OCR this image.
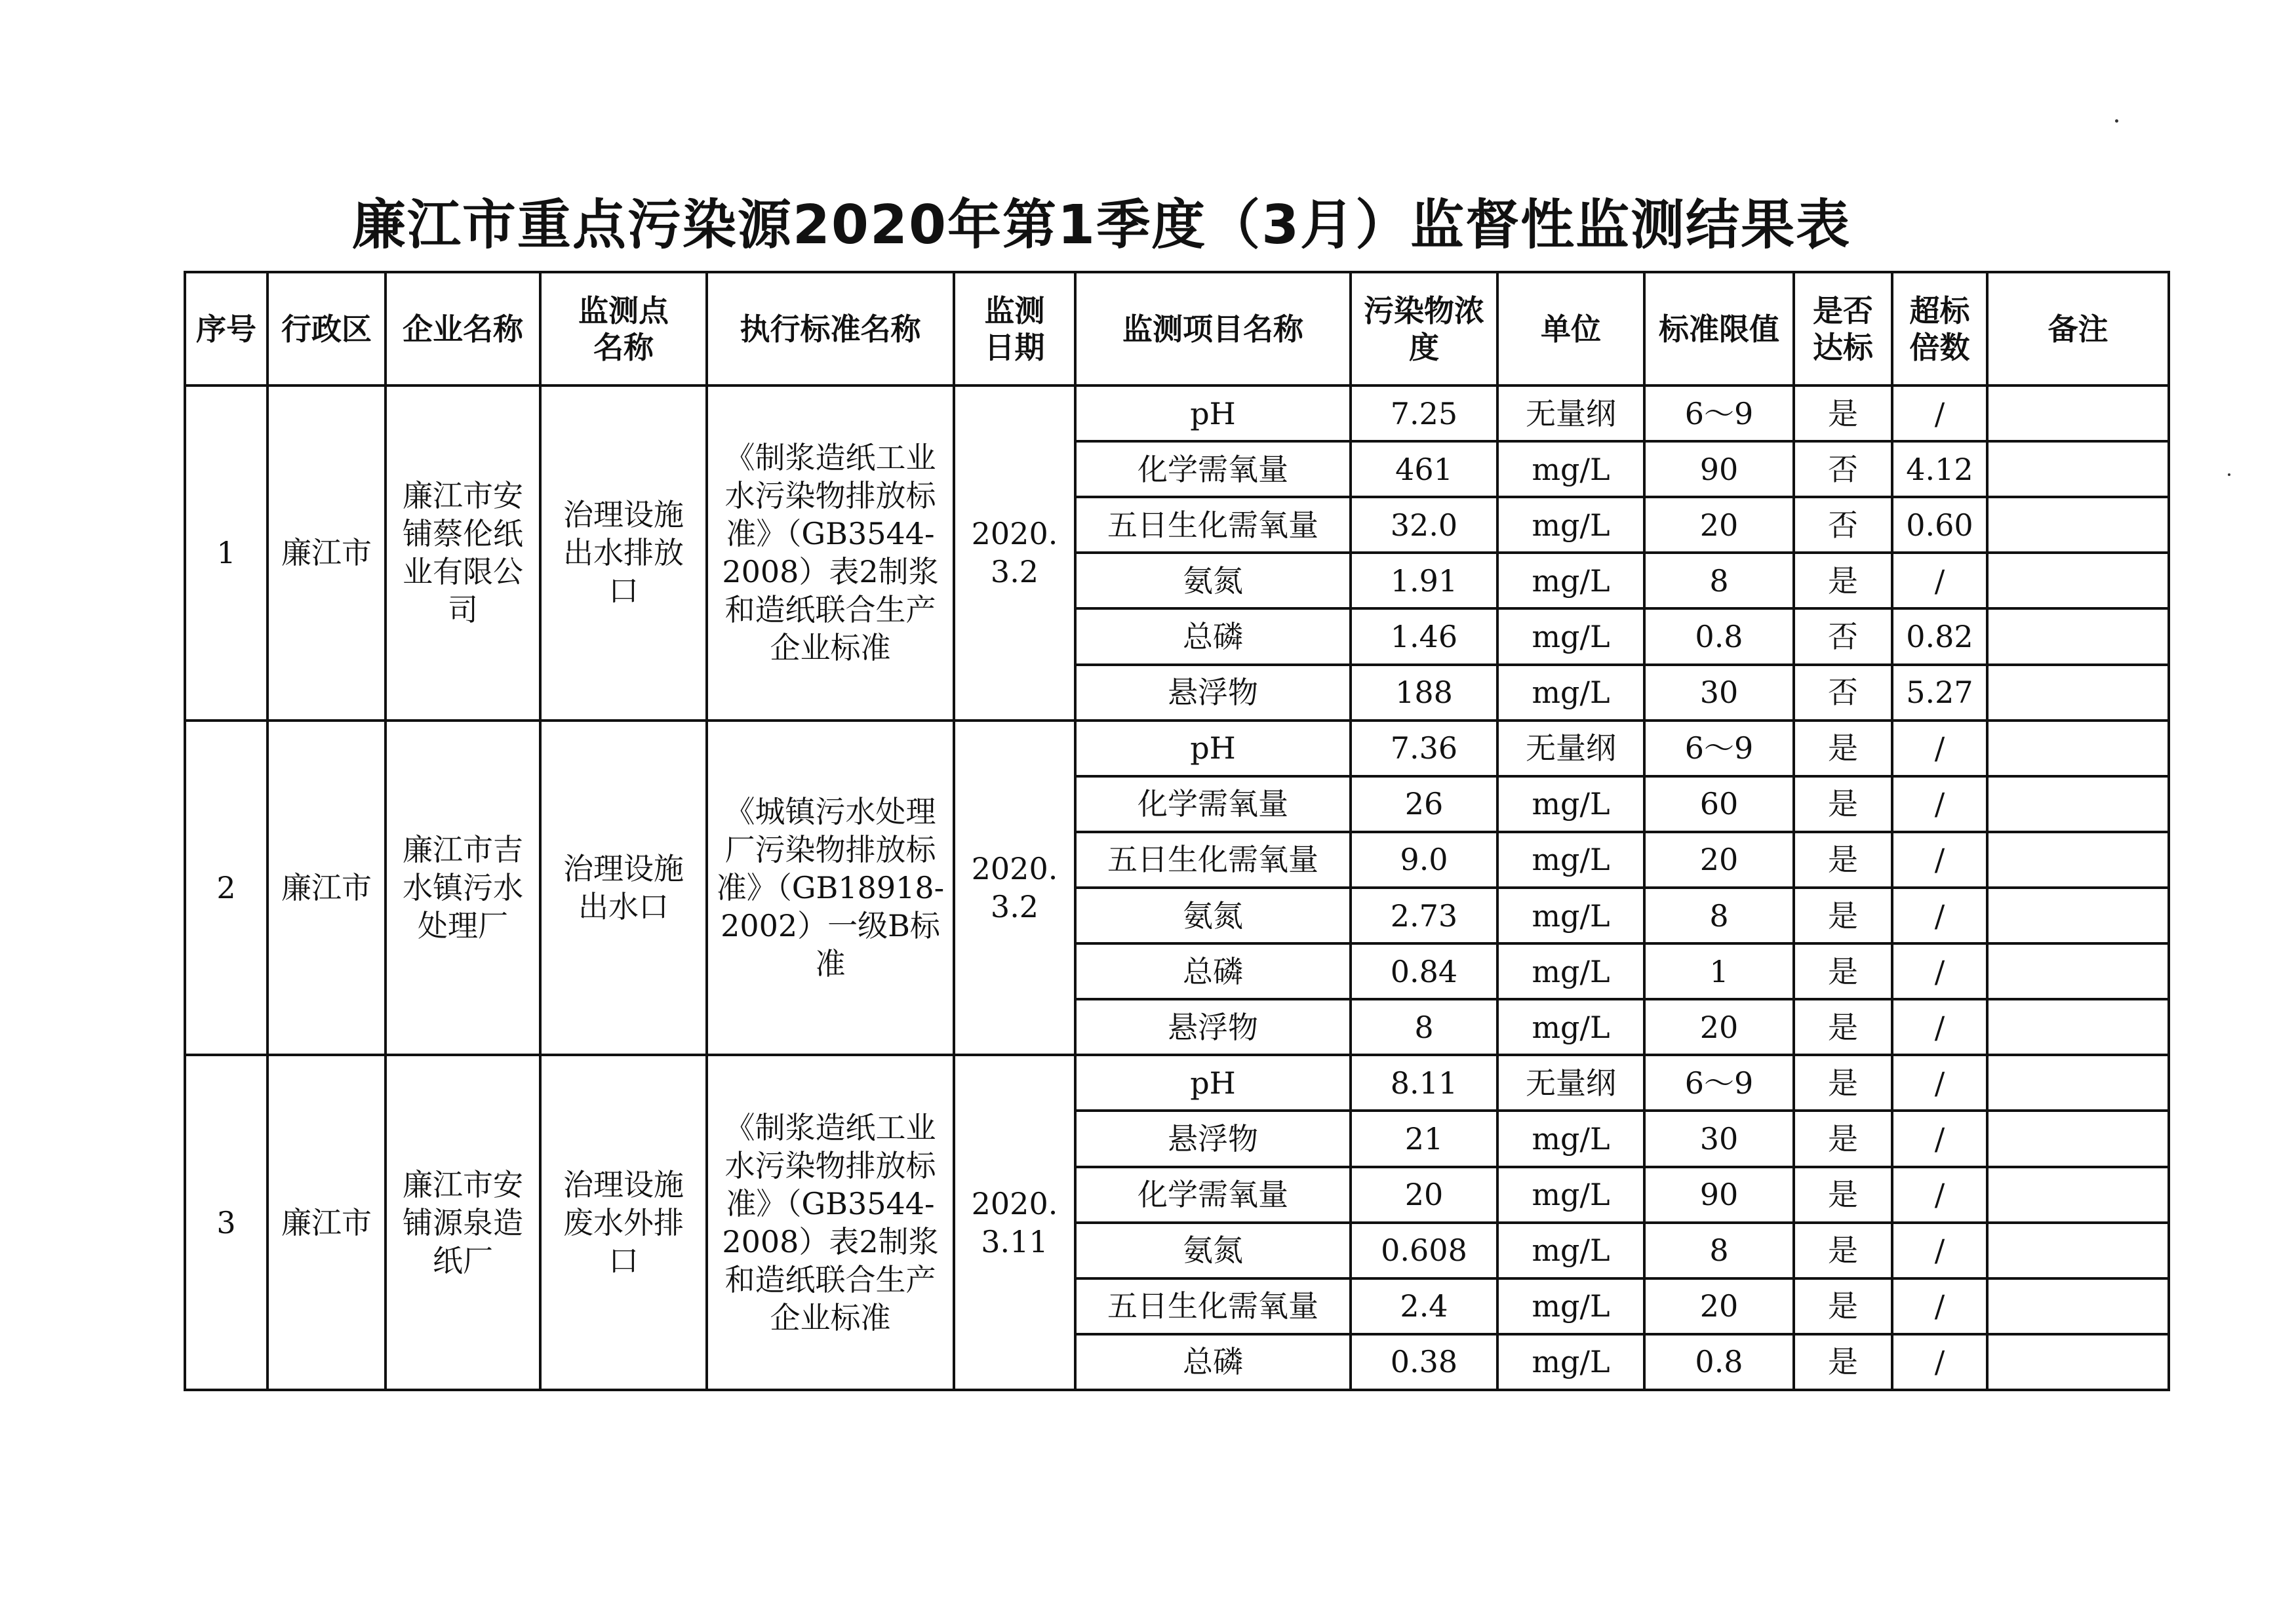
廉江市重点污染源2020年第1季度（3月）监督性监测结果表
序号	行政区	企业名称	监测点名称	执行标准名称	监测日期	监测项目名称	污染物浓度	单位	标准限值	是否达标	超标倍数	备注
1	廉江市	廉江市安铺蔡伦纸业有限公司	治理设施出水排放口	《制浆造纸工业水污染物排放标准》（GB3544-2008）表2制浆和造纸联合生产企业标准	2020.3.2	pH	7.25	无量纲	6～9	是	/	
						化学需氧量	461	mg/L	90	否	4.12	
						五日生化需氧量	32.0	mg/L	20	否	0.60	
						氨氮	1.91	mg/L	8	是	/	
						总磷	1.46	mg/L	0.8	否	0.82	
						悬浮物	188	mg/L	30	否	5.27	
2	廉江市	廉江市吉水镇污水处理厂	治理设施出水口	《城镇污水处理厂污染物排放标准》（GB18918-2002）一级B标准	2020.3.2	pH	7.36	无量纲	6～9	是	/	
						化学需氧量	26	mg/L	60	是	/	
						五日生化需氧量	9.0	mg/L	20	是	/	
						氨氮	2.73	mg/L	8	是	/	
						总磷	0.84	mg/L	1	是	/	
						悬浮物	8	mg/L	20	是	/	
3	廉江市	廉江市安铺源泉造纸厂	治理设施废水外排口	《制浆造纸工业水污染物排放标准》（GB3544-2008）表2制浆和造纸联合生产企业标准	2020.3.11	pH	8.11	无量纲	6～9	是	/	
						悬浮物	21	mg/L	30	是	/	
						化学需氧量	20	mg/L	90	是	/	
						氨氮	0.608	mg/L	8	是	/	
						五日生化需氧量	2.4	mg/L	20	是	/	
						总磷	0.38	mg/L	0.8	是	/	
